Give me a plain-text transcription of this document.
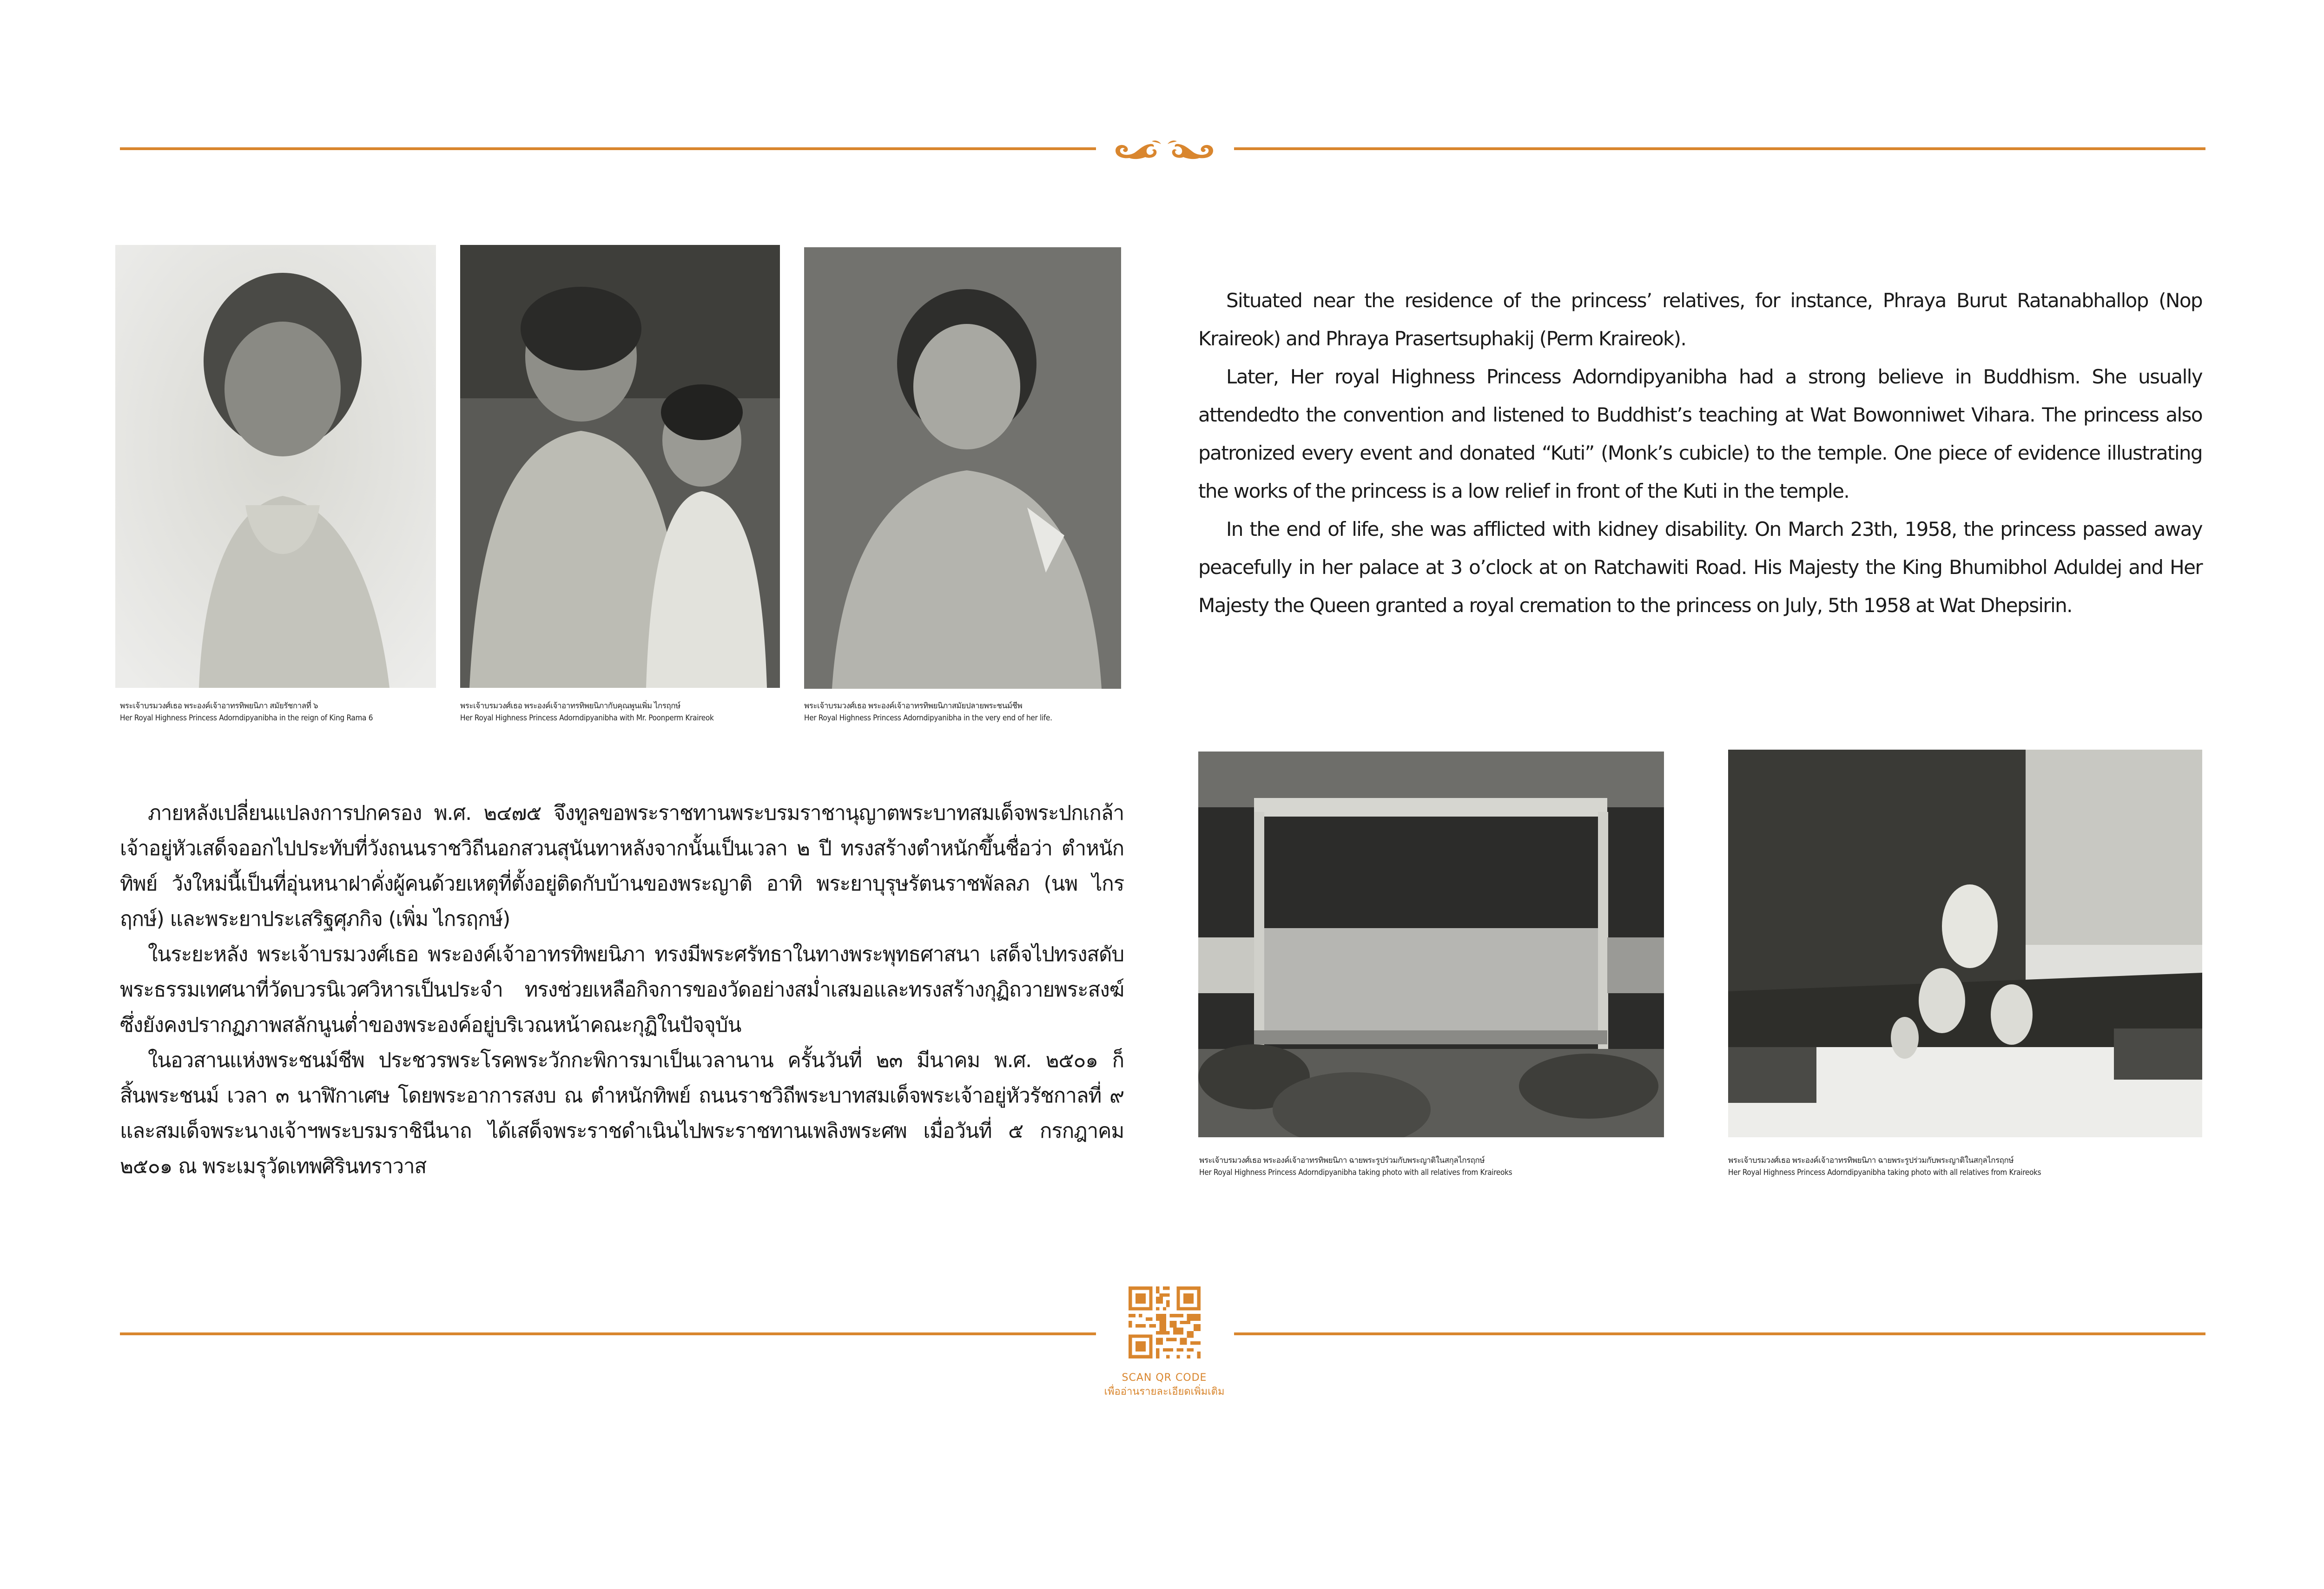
พระเจ้าบรมวงศ์เธอ พระองค์เจ้าอาทรทิพยนิภา สมัยรัชกาลที่ ๖
Her Royal Highness Princess Adorndipyanibha in the reign of King Rama 6
พระเจ้าบรมวงศ์เธอ พระองค์เจ้าอาทรทิพยนิภากับคุณพูนเพิ่ม ไกรฤกษ์
Her Royal Highness Princess Adorndipyanibha with Mr. Poonperm Kraireok
พระเจ้าบรมวงศ์เธอ พระองค์เจ้าอาทรทิพยนิภาสมัยปลายพระชนม์ชีพ
Her Royal Highness Princess Adorndipyanibha in the very end of her life.

Situated near the residence of the princess’ relatives, for instance, Phraya Burut Ratanabhallop (Nop Kraireok) and Phraya Prasertsuphakij (Perm Kraireok).

Later, Her royal Highness Princess Adorndipyanibha had a strong believe in Buddhism. She usually attendedto the convention and listened to Buddhist’s teaching at Wat Bowonniwet Vihara. The princess also patronized every event and donated “Kuti” (Monk’s cubicle) to the temple. One piece of evidence illustrating the works of the princess is a low relief in front of the Kuti in the temple.

In the end of life, she was afflicted with kidney disability. On March 23th, 1958, the princess passed away peacefully in her palace at 3 o’clock at on Ratchawiti Road. His Majesty the King Bhumibhol Aduldej and Her Majesty the Queen granted a royal cremation to the princess on July, 5th 1958 at Wat Dhepsirin.

ภายหลังเปลี่ยนแปลงการปกครอง พ.ศ. ๒๔๗๕ จึงทูลขอพระราชทานพระบรมราชานุญาตพระบาทสมเด็จพระปกเกล้าเจ้าอยู่หัวเสด็จออกไปประทับที่วังถนนราชวิถีนอกสวนสุนันทาหลังจากนั้นเป็นเวลา ๒ ปี ทรงสร้างตำหนักขึ้นชื่อว่า ตำหนักทิพย์ วังใหม่นี้เป็นที่อุ่นหนาฝาคั่งผู้คนด้วยเหตุที่ตั้งอยู่ติดกับบ้านของพระญาติ อาทิ พระยาบุรุษรัตนราชพัลลภ (นพ ไกรฤกษ์) และพระยาประเสริฐศุภกิจ (เพิ่ม ไกรฤกษ์)

ในระยะหลัง พระเจ้าบรมวงศ์เธอ พระองค์เจ้าอาทรทิพยนิภา ทรงมีพระศรัทธาในทางพระพุทธศาสนา เสด็จไปทรงสดับพระธรรมเทศนาที่วัดบวรนิเวศวิหารเป็นประจำ ทรงช่วยเหลือกิจการของวัดอย่างสม่ำเสมอและทรงสร้างกุฏิถวายพระสงฆ์ ซึ่งยังคงปรากฏภาพสลักนูนต่ำของพระองค์อยู่บริเวณหน้าคณะกุฏิในปัจจุบัน

ในอวสานแห่งพระชนม์ชีพ ประชวรพระโรคพระวักกะพิการมาเป็นเวลานาน ครั้นวันที่ ๒๓ มีนาคม พ.ศ. ๒๕๐๑ ก็สิ้นพระชนม์ เวลา ๓ นาฬิกาเศษ โดยพระอาการสงบ ณ ตำหนักทิพย์ ถนนราชวิถีพระบาทสมเด็จพระเจ้าอยู่หัวรัชกาลที่ ๙ และสมเด็จพระนางเจ้าฯพระบรมราชินีนาถ ได้เสด็จพระราชดำเนินไปพระราชทานเพลิงพระศพ เมื่อวันที่ ๕ กรกฎาคม ๒๕๐๑ ณ พระเมรุวัดเทพศิรินทราวาส	พระเจ้าบรมวงศ์เธอ พระองค์เจ้าอาทรทิพยนิภา ฉายพระรูปร่วมกับพระญาติในสกุลไกรฤกษ์
Her Royal Highness Princess Adorndipyanibha taking photo with all relatives from Kraireoks
พระเจ้าบรมวงศ์เธอ พระองค์เจ้าอาทรทิพยนิภา ฉายพระรูปร่วมกับพระญาติในสกุลไกรฤกษ์
Her Royal Highness Princess Adorndipyanibha taking photo with all relatives from Kraireoks
SCAN QR CODE
เพื่ออ่านรายละเอียดเพิ่มเติม
